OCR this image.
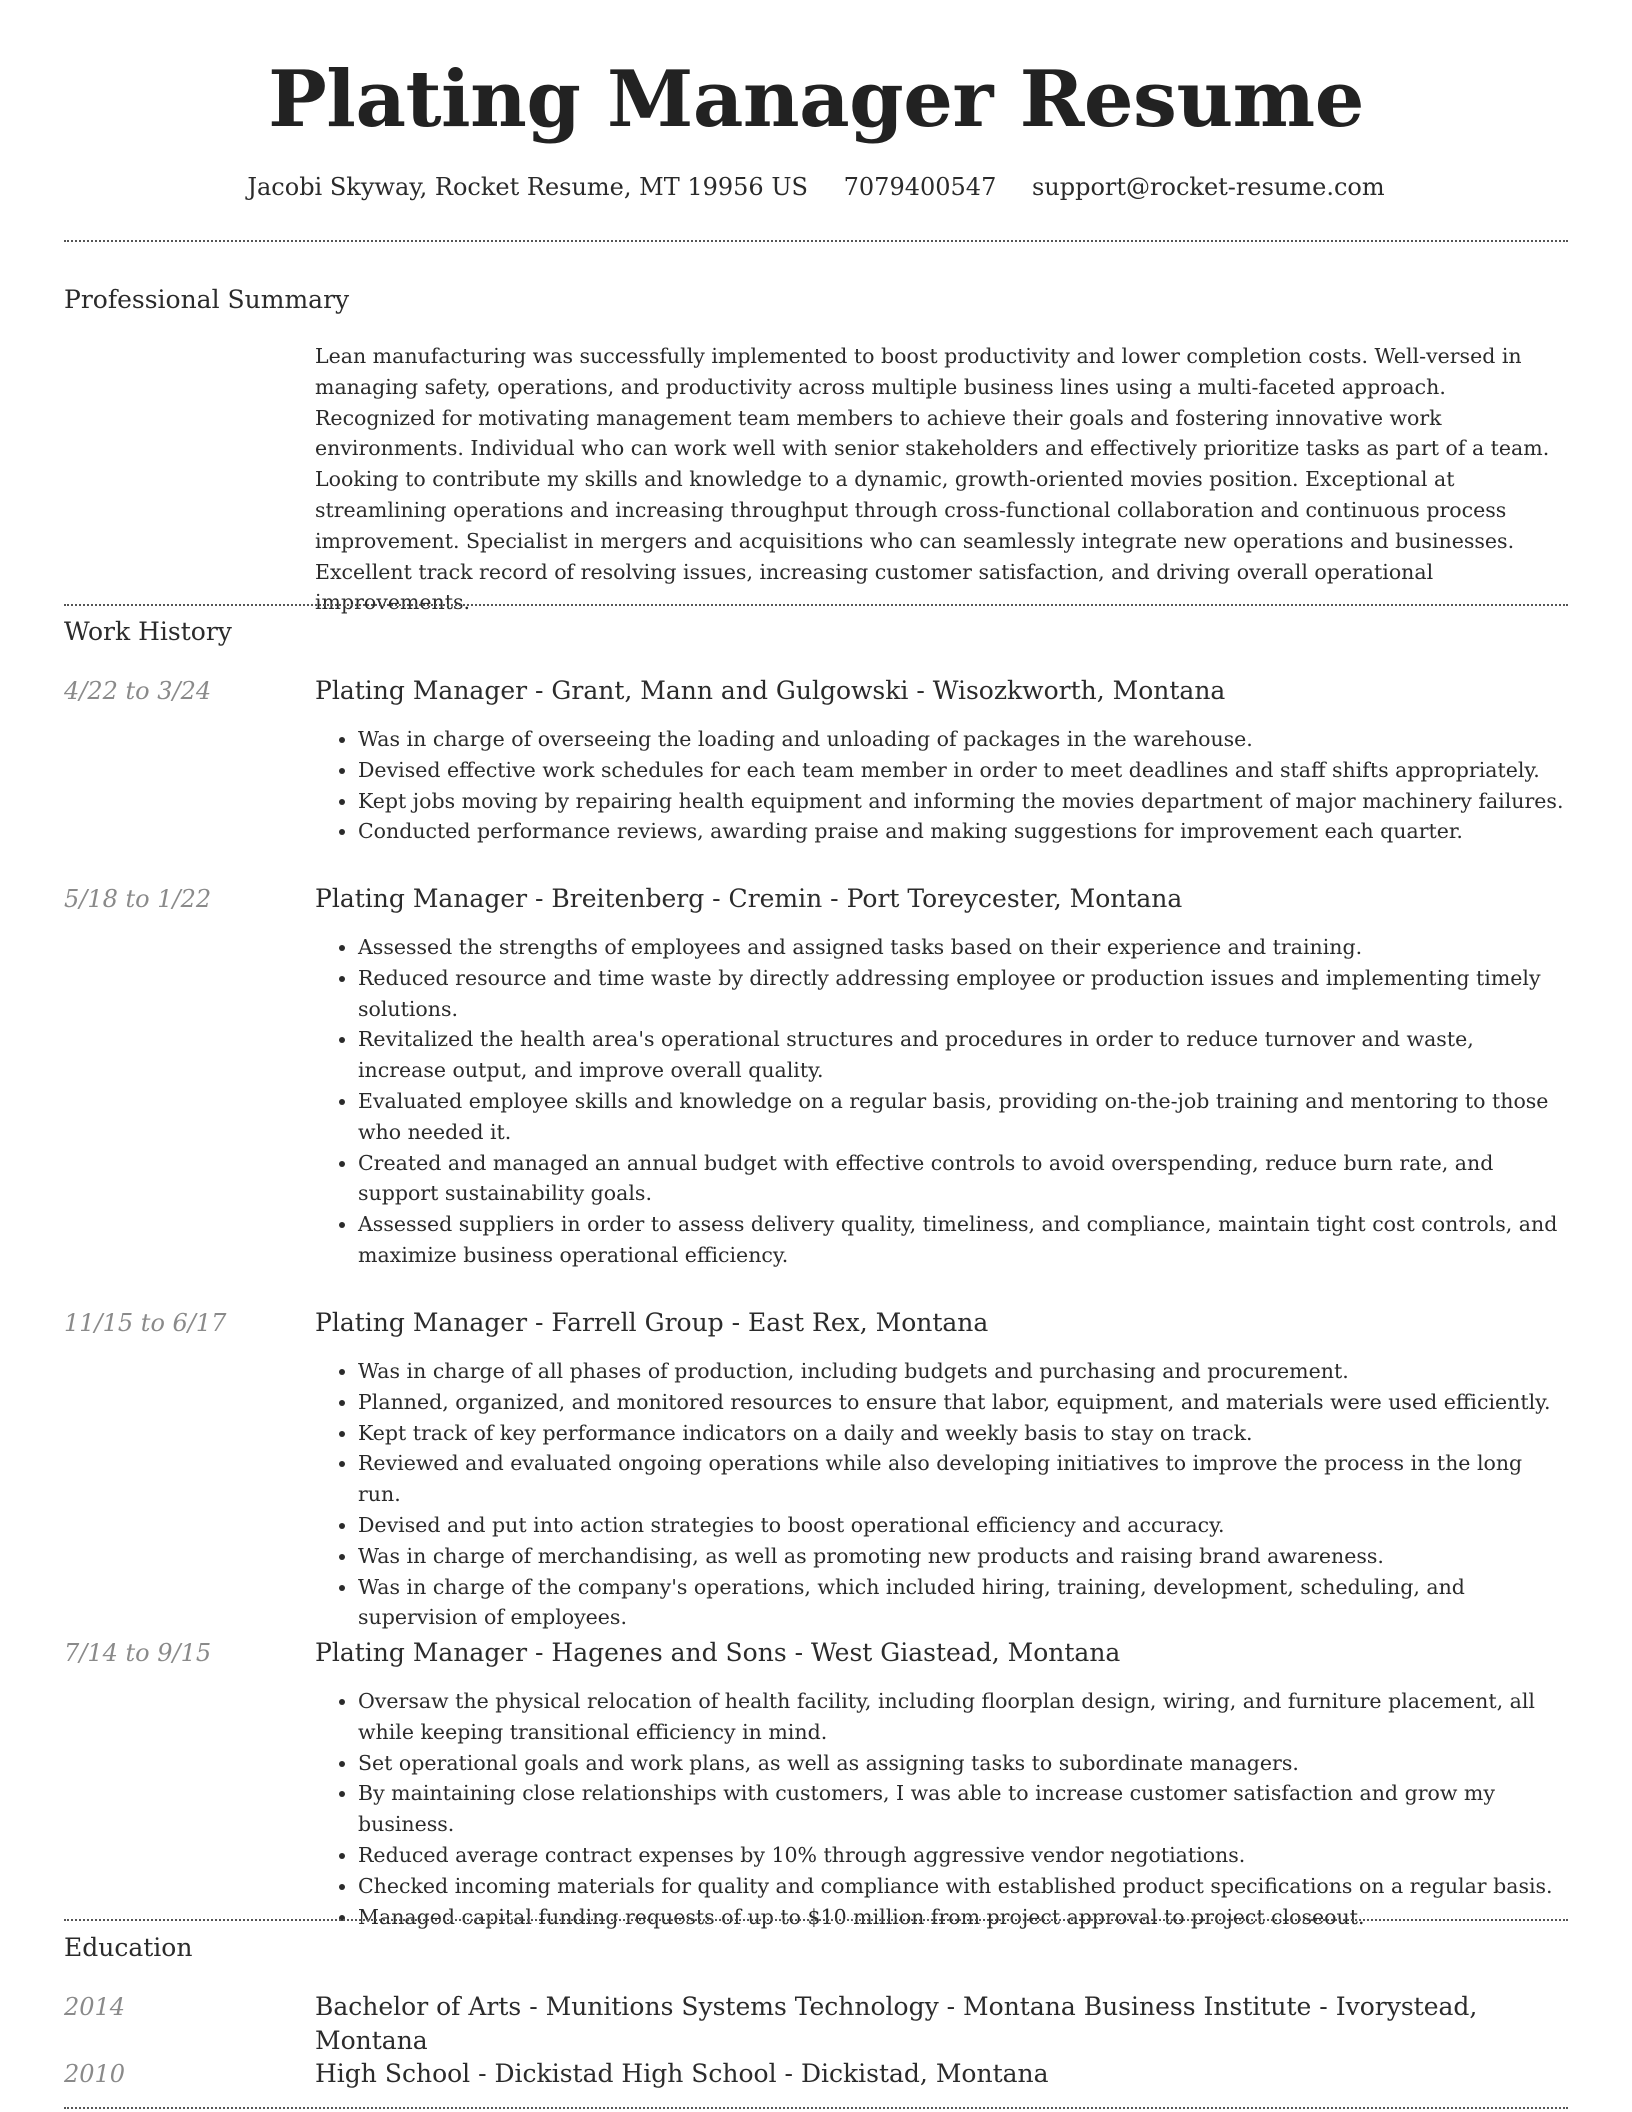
Plating Manager Resume
Jacobi Skyway, Rocket Resume, MT 19956 US 7079400547 support@rocket-resume.com
Professional Summary

Lean manufacturing was successfully implemented to boost productivity and lower completion costs. Well-versed in managing safety, operations, and productivity across multiple business lines using a multi-faceted approach. Recognized for motivating management team members to achieve their goals and fostering innovative work environments. Individual who can work well with senior stakeholders and effectively prioritize tasks as part of a team. Looking to contribute my skills and knowledge to a dynamic, growth-oriented movies position. Exceptional at streamlining operations and increasing throughput through cross-functional collaboration and continuous process improvement. Specialist in mergers and acquisitions who can seamlessly integrate new operations and businesses. Excellent track record of resolving issues, increasing customer satisfaction, and driving overall operational improvements.

Work History
4/22 to 3/24	Plating Manager - Grant, Mann and Gulgowski - Wisozkworth, Montana
• Was in charge of overseeing the loading and unloading of packages in the warehouse.
• Devised effective work schedules for each team member in order to meet deadlines and staff shifts appropriately.
• Kept jobs moving by repairing health equipment and informing the movies department of major machinery failures.
• Conducted performance reviews, awarding praise and making suggestions for improvement each quarter.
5/18 to 1/22	Plating Manager - Breitenberg - Cremin - Port Toreycester, Montana
• Assessed the strengths of employees and assigned tasks based on their experience and training.
• Reduced resource and time waste by directly addressing employee or production issues and implementing timely solutions.
• Revitalized the health area's operational structures and procedures in order to reduce turnover and waste, increase output, and improve overall quality.
• Evaluated employee skills and knowledge on a regular basis, providing on-the-job training and mentoring to those who needed it.
• Created and managed an annual budget with effective controls to avoid overspending, reduce burn rate, and support sustainability goals.
• Assessed suppliers in order to assess delivery quality, timeliness, and compliance, maintain tight cost controls, and maximize business operational efficiency.
11/15 to 6/17	Plating Manager - Farrell Group - East Rex, Montana
• Was in charge of all phases of production, including budgets and purchasing and procurement.
• Planned, organized, and monitored resources to ensure that labor, equipment, and materials were used efficiently.
• Kept track of key performance indicators on a daily and weekly basis to stay on track.
• Reviewed and evaluated ongoing operations while also developing initiatives to improve the process in the long run.
• Devised and put into action strategies to boost operational efficiency and accuracy.
• Was in charge of merchandising, as well as promoting new products and raising brand awareness.
• Was in charge of the company's operations, which included hiring, training, development, scheduling, and supervision of employees.
7/14 to 9/15	Plating Manager - Hagenes and Sons - West Giastead, Montana
• Oversaw the physical relocation of health facility, including floorplan design, wiring, and furniture placement, all while keeping transitional efficiency in mind.
• Set operational goals and work plans, as well as assigning tasks to subordinate managers.
• By maintaining close relationships with customers, I was able to increase customer satisfaction and grow my business.
• Reduced average contract expenses by 10% through aggressive vendor negotiations.
• Checked incoming materials for quality and compliance with established product specifications on a regular basis.
• Managed capital funding requests of up to $10 million from project approval to project closeout.
Education
2014	Bachelor of Arts - Munitions Systems Technology - Montana Business Institute - Ivorystead, Montana
2010	High School - Dickistad High School - Dickistad, Montana
